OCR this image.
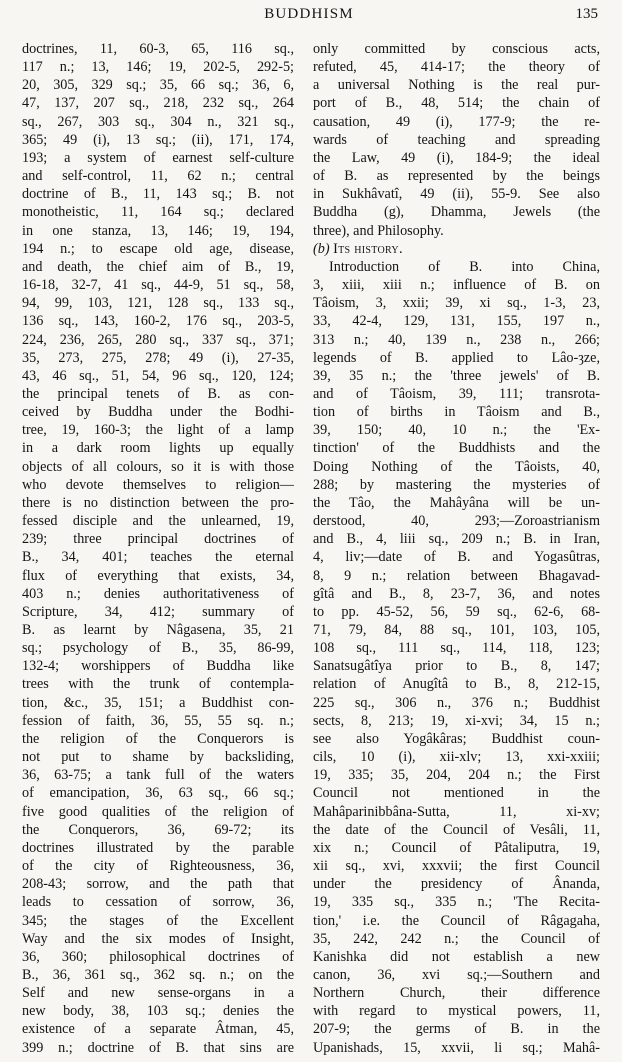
BUDDHISM	135

doctrines, 11, 60-3, 65, 116 sq.,

117 n.; 13, 146; 19, 202-5, 292-5;

20, 305, 329 sq.; 35, 66 sq.; 36, 6,

47, 137, 207 sq., 218, 232 sq., 264

sq., 267, 303 sq., 304 n., 321 sq.,

365; 49 (i), 13 sq.; (ii), 171, 174,

193; a system of earnest self-culture

and self-control, 11, 62 n.; central

doctrine of B., 11, 143 sq.; B. not

monotheistic, 11, 164 sq.; declared

in one stanza, 13, 146; 19, 194,

194 n.; to escape old age, disease,

and death, the chief aim of B., 19,

16-18, 32-7, 41 sq., 44-9, 51 sq., 58,

94, 99, 103, 121, 128 sq., 133 sq.,

136 sq., 143, 160-2, 176 sq., 203-5,

224, 236, 265, 280 sq., 337 sq., 371;

35, 273, 275, 278; 49 (i), 27-35,

43, 46 sq., 51, 54, 96 sq., 120, 124;

the principal tenets of B. as con-

ceived by Buddha under the Bodhi-

tree, 19, 160-3; the light of a lamp

in a dark room lights up equally

objects of all colours, so it is with those

who devote themselves to religion—

there is no distinction between the pro-

fessed disciple and the unlearned, 19,

239; three principal doctrines of

B., 34, 401; teaches the eternal

flux of everything that exists, 34,

403 n.; denies authoritativeness of

Scripture, 34, 412; summary of

B. as learnt by Nâgasena, 35, 21

sq.; psychology of B., 35, 86-99,

132-4; worshippers of Buddha like

trees with the trunk of contempla-

tion, &c., 35, 151; a Buddhist con-

fession of faith, 36, 55, 55 sq. n.;

the religion of the Conquerors is

not put to shame by backsliding,

36, 63-75; a tank full of the waters

of emancipation, 36, 63 sq., 66 sq.;

five good qualities of the religion of

the Conquerors, 36, 69-72; its

doctrines illustrated by the parable

of the city of Righteousness, 36,

208-43; sorrow, and the path that

leads to cessation of sorrow, 36,

345; the stages of the Excellent

Way and the six modes of Insight,

36, 360; philosophical doctrines of

B., 36, 361 sq., 362 sq. n.; on the

Self and new sense-organs in a

new body, 38, 103 sq.; denies the

existence of a separate Âtman, 45,

399 n.; doctrine of B. that sins are

only committed by conscious acts,

refuted, 45, 414-17; the theory of

a universal Nothing is the real pur-

port of B., 48, 514; the chain of

causation, 49 (i), 177-9; the re-

wards of teaching and spreading

the Law, 49 (i), 184-9; the ideal

of B. as represented by the beings

in Sukhâvatî, 49 (ii), 55-9. See also

Buddha (g), Dhamma, Jewels (the

three), and Philosophy.

(b) Its history.

Introduction of B. into China,

3, xiii, xiii n.; influence of B. on

Tâoism, 3, xxii; 39, xi sq., 1-3, 23,

33, 42-4, 129, 131, 155, 197 n.,

313 n.; 40, 139 n., 238 n., 266;

legends of B. applied to Lâo-ȝze,

39, 35 n.; the 'three jewels' of B.

and of Tâoism, 39, 111; transrota-

tion of births in Tâoism and B.,

39, 150; 40, 10 n.; the 'Ex-

tinction' of the Buddhists and the

Doing Nothing of the Tâoists, 40,

288; by mastering the mysteries of

the Tâo, the Mahâyâna will be un-

derstood, 40, 293;—Zoroastrianism

and B., 4, liii sq., 209 n.; B. in Iran,

4, liv;—date of B. and Yogasûtras,

8, 9 n.; relation between Bhagavad-

gîtâ and B., 8, 23-7, 36, and notes

to pp. 45-52, 56, 59 sq., 62-6, 68-

71, 79, 84, 88 sq., 101, 103, 105,

108 sq., 111 sq., 114, 118, 123;

Sanatsugâtîya prior to B., 8, 147;

relation of Anugîtâ to B., 8, 212-15,

225 sq., 306 n., 376 n.; Buddhist

sects, 8, 213; 19, xi-xvi; 34, 15 n.;

see also Yogâkâras; Buddhist coun-

cils, 10 (i), xii-xlv; 13, xxi-xxiii;

19, 335; 35, 204, 204 n.; the First

Council not mentioned in the

Mahâparinibbâna-Sutta, 11, xi-xv;

the date of the Council of Vesâli, 11,

xix n.; Council of Pâtaliputra, 19,

xii sq., xvi, xxxvii; the first Council

under the presidency of Ânanda,

19, 335 sq., 335 n.; 'The Recita-

tion,' i.e. the Council of Râgagaha,

35, 242, 242 n.; the Council of

Kanishka did not establish a new

canon, 36, xvi sq.;—Southern and

Northern Church, their difference

with regard to mystical powers, 11,

207-9; the germs of B. in the

Upanishads, 15, xxvii, li sq.; Mahâ-
